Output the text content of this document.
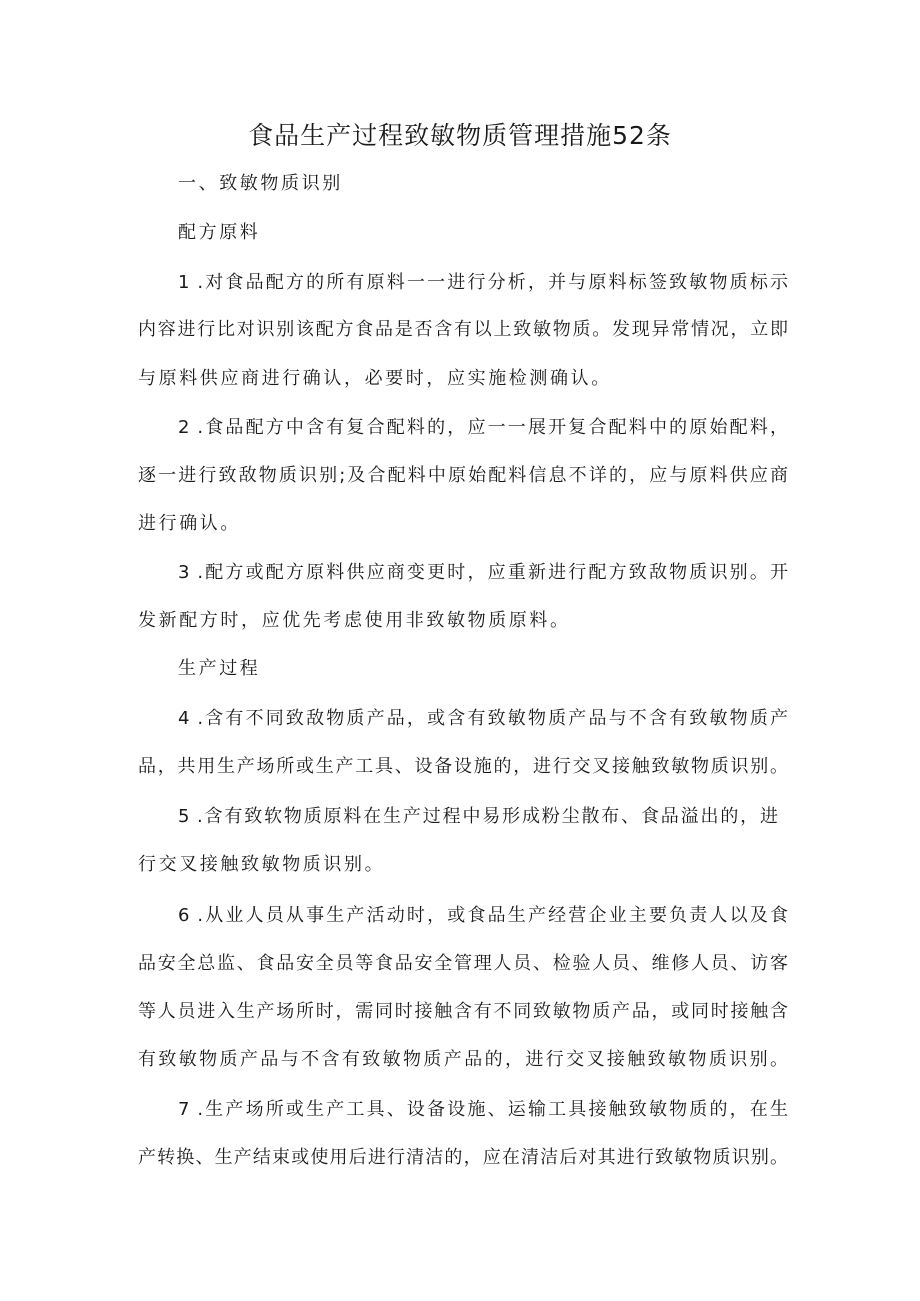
食品生产过程致敏物质管理措施52条

一、致敏物质识别

配方原料

1 .对食品配方的所有原料一一进行分析，并与原料标签致敏物质标示

内容进行比对识别该配方食品是否含有以上致敏物质。发现异常情况，立即

与原料供应商进行确认，必要时，应实施检测确认。

2 .食品配方中含有复合配料的，应一一展开复合配料中的原始配料，

逐一进行致敌物质识别;及合配料中原始配料信息不详的，应与原料供应商

进行确认。

3 .配方或配方原料供应商变更时，应重新进行配方致敌物质识别。开

发新配方时，应优先考虑使用非致敏物质原料。

生产过程

4 .含有不同致敌物质产品，或含有致敏物质产品与不含有致敏物质产

品，共用生产场所或生产工具、设备设施的，进行交叉接触致敏物质识别。

5 .含有致软物质原料在生产过程中易形成粉尘散布、食品溢出的，进

行交叉接触致敏物质识别。

6 .从业人员从事生产活动时，或食品生产经营企业主要负责人以及食

品安全总监、食品安全员等食品安全管理人员、检验人员、维修人员、访客

等人员进入生产场所时，需同时接触含有不同致敏物质产品，或同时接触含

有致敏物质产品与不含有致敏物质产品的，进行交叉接触致敏物质识别。

7 .生产场所或生产工具、设备设施、运输工具接触致敏物质的，在生

产转换、生产结束或使用后进行清洁的，应在清洁后对其进行致敏物质识别。
